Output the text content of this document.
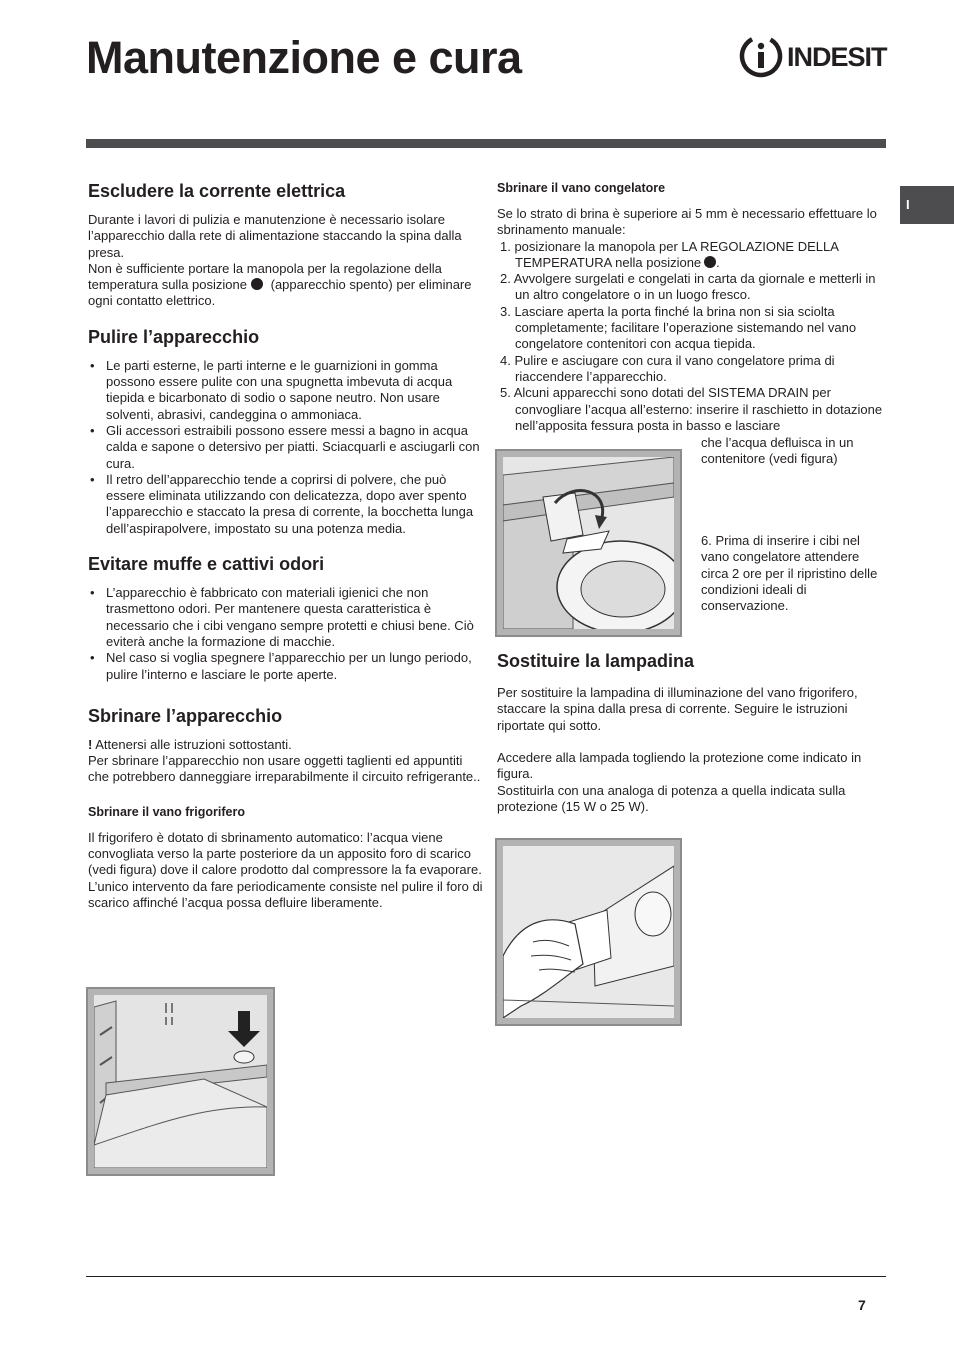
Manutenzione e cura	INDESIT
I
Escludere la corrente elettrica

Durante i lavori di pulizia e manutenzione è necessario isolare l’apparecchio dalla rete di alimentazione staccando la spina dalla presa.

Non è sufficiente portare la manopola per la regolazione della temperatura sulla posizione (apparecchio spento) per eliminare ogni contatto elettrico.

Pulire l’apparecchio
• Le parti esterne, le parti interne e le guarnizioni in gomma possono essere pulite con una spugnetta imbevuta di acqua tiepida e bicarbonato di sodio o sapone neutro. Non usare solventi, abrasivi, candeggina o ammoniaca.
• Gli accessori estraibili possono essere messi a bagno in acqua calda e sapone o detersivo per piatti. Sciacquarli e asciugarli con cura.
• Il retro dell’apparecchio tende a coprirsi di polvere, che può essere eliminata utilizzando con delicatezza, dopo aver spento l’apparecchio e staccato la presa di corrente, la bocchetta lunga dell’aspirapolvere, impostato su una potenza media.
Evitare muffe e cattivi odori
• L’apparecchio è fabbricato con materiali igienici che non trasmettono odori. Per mantenere questa caratteristica è necessario che i cibi vengano sempre protetti e chiusi bene. Ciò eviterà anche la formazione di macchie.
• Nel caso si voglia spegnere l’apparecchio per un lungo periodo, pulire l’interno e lasciare le porte aperte.
Sbrinare l’apparecchio

! Attenersi alle istruzioni sottostanti.

Per sbrinare l’apparecchio non usare oggetti taglienti ed appuntiti che potrebbero danneggiare irreparabilmente il circuito refrigerante..

Sbrinare il vano frigorifero

Il frigorifero è dotato di sbrinamento automatico: l’acqua viene convogliata verso la parte posteriore da un apposito foro di scarico (vedi figura) dove il calore prodotto dal compressore la fa evaporare. L’unico intervento da fare periodicamente consiste nel pulire il foro di scarico affinché l’acqua possa defluire liberamente.

Sbrinare il vano congelatore

Se lo strato di brina è superiore ai 5 mm è necessario effettuare lo sbrinamento manuale:

1. posizionare la manopola per LA REGOLAZIONE DELLA TEMPERATURA nella posizione .
2. Avvolgere surgelati e congelati in carta da giornale e metterli in un altro congelatore o in un luogo fresco.
3. Lasciare aperta la porta finché la brina non si sia sciolta completamente; facilitare l’operazione sistemando nel vano congelatore contenitori con acqua tiepida.
4. Pulire e asciugare con cura il vano congelatore prima di riaccendere l’apparecchio.
5. Alcuni apparecchi sono dotati del SISTEMA DRAIN per convogliare l’acqua all’esterno: inserire il raschietto in dotazione nell’apposita fessura posta in basso e lasciare
Sostituire la lampadina

Per sostituire la lampadina di illuminazione del vano frigorifero, staccare la spina dalla presa di corrente. Seguire le istruzioni riportate qui sotto.

Accedere alla lampada togliendo la protezione come indicato in figura.

Sostituirla con una analoga di potenza a quella indicata sulla protezione (15 W o 25 W).

che l’acqua defluisca in un contenitore (vedi figura)
6. Prima di inserire i cibi nel vano congelatore attendere circa 2 ore per il ripristino delle condizioni ideali di conservazione.
7
